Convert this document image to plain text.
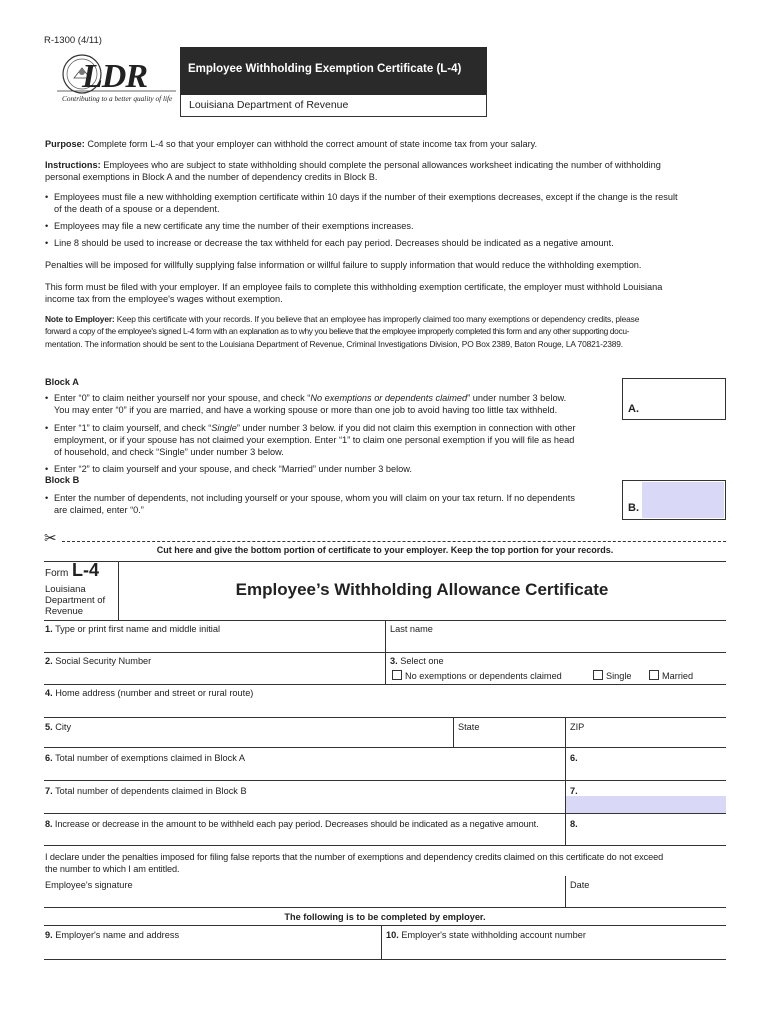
R-1300 (4/11)
LDR
Contributing to a better quality of life
Employee Withholding Exemption Certificate (L-4)
Louisiana Department of Revenue
Purpose: Complete form L-4 so that your employer can withhold the correct amount of state income tax from your salary.
Instructions: Employees who are subject to state withholding should complete the personal allowances worksheet indicating the number of withholding
personal exemptions in Block A and the number of dependency credits in Block B.
• Employees must file a new withholding exemption certificate within 10 days if the number of their exemptions decreases, except if the change is the result
of the death of a spouse or a dependent.
• Employees may file a new certificate any time the number of their exemptions increases.
• Line 8 should be used to increase or decrease the tax withheld for each pay period. Decreases should be indicated as a negative amount.
Penalties will be imposed for willfully supplying false information or willful failure to supply information that would reduce the withholding exemption.
This form must be filed with your employer. If an employee fails to complete this withholding exemption certificate, the employer must withhold Louisiana
income tax from the employee's wages without exemption.
Note to Employer: Keep this certificate with your records. If you believe that an employee has improperly claimed too many exemptions or dependency credits, please
forward a copy of the employee's signed L-4 form with an explanation as to why you believe that the employee improperly completed this form and any other supporting docu-
mentation. The information should be sent to the Louisiana Department of Revenue, Criminal Investigations Division, PO Box 2389, Baton Rouge, LA 70821-2389.
Block A
• Enter “0” to claim neither yourself nor your spouse, and check “No exemptions or dependents claimed” under number 3 below.
You may enter “0” if you are married, and have a working spouse or more than one job to avoid having too little tax withheld.
• Enter “1” to claim yourself, and check “Single” under number 3 below. if you did not claim this exemption in connection with other
employment, or if your spouse has not claimed your exemption. Enter “1” to claim one personal exemption if you will file as head
of household, and check “Single” under number 3 below.
• Enter “2” to claim yourself and your spouse, and check “Married” under number 3 below.
A.
Block B
• Enter the number of dependents, not including yourself or your spouse, whom you will claim on your tax return. If no dependents
are claimed, enter “0.”	B.
✂
Cut here and give the bottom portion of certificate to your employer. Keep the top portion for your records.
Form L-4
Louisiana
Department of
Revenue
Employee’s Withholding Allowance Certificate
1. Type or print first name and middle initial	Last name
2. Social Security Number	3. Select one
No exemptions or dependents claimed	Single	Married
4. Home address (number and street or rural route)
5. City	State	ZIP
6. Total number of exemptions claimed in Block A	6.
7. Total number of dependents claimed in Block B	7.
8. Increase or decrease in the amount to be withheld each pay period. Decreases should be indicated as a negative amount.	8.
I declare under the penalties imposed for filing false reports that the number of exemptions and dependency credits claimed on this certificate do not exceed
the number to which I am entitled.
Employee's signature	Date
The following is to be completed by employer.
9. Employer's name and address	10. Employer's state withholding account number
